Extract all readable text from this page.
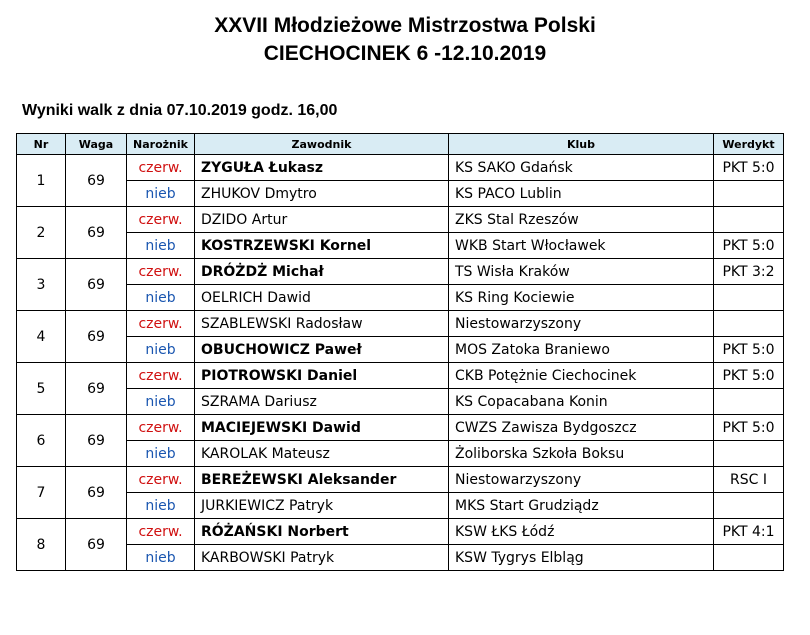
XXVII Młodzieżowe Mistrzostwa Polski
CIECHOCINEK 6 -12.10.2019
Wyniki walk z dnia 07.10.2019 godz. 16,00
Nr	Waga	Narożnik	Zawodnik	Klub	Werdykt
1	69	czerw.	ZYGUŁA Łukasz	KS SAKO Gdańsk	PKT 5:0
		nieb	ZHUKOV Dmytro	KS PACO Lublin	
2	69	czerw.	DZIDO Artur	ZKS Stal Rzeszów	
		nieb	KOSTRZEWSKI Kornel	WKB Start Włocławek	PKT 5:0
3	69	czerw.	DRÓŻDŻ Michał	TS Wisła Kraków	PKT 3:2
		nieb	OELRICH Dawid	KS Ring Kociewie	
4	69	czerw.	SZABLEWSKI Radosław	Niestowarzyszony	
		nieb	OBUCHOWICZ Paweł	MOS Zatoka Braniewo	PKT 5:0
5	69	czerw.	PIOTROWSKI Daniel	CKB Potężnie Ciechocinek	PKT 5:0
		nieb	SZRAMA Dariusz	KS Copacabana Konin	
6	69	czerw.	MACIEJEWSKI Dawid	CWZS Zawisza Bydgoszcz	PKT 5:0
		nieb	KAROLAK Mateusz	Żoliborska Szkoła Boksu	
7	69	czerw.	BEREŻEWSKI Aleksander	Niestowarzyszony	RSC I
		nieb	JURKIEWICZ Patryk	MKS Start Grudziądz	
8	69	czerw.	RÓŻAŃSKI Norbert	KSW ŁKS Łódź	PKT 4:1
		nieb	KARBOWSKI Patryk	KSW Tygrys Elbląg	
